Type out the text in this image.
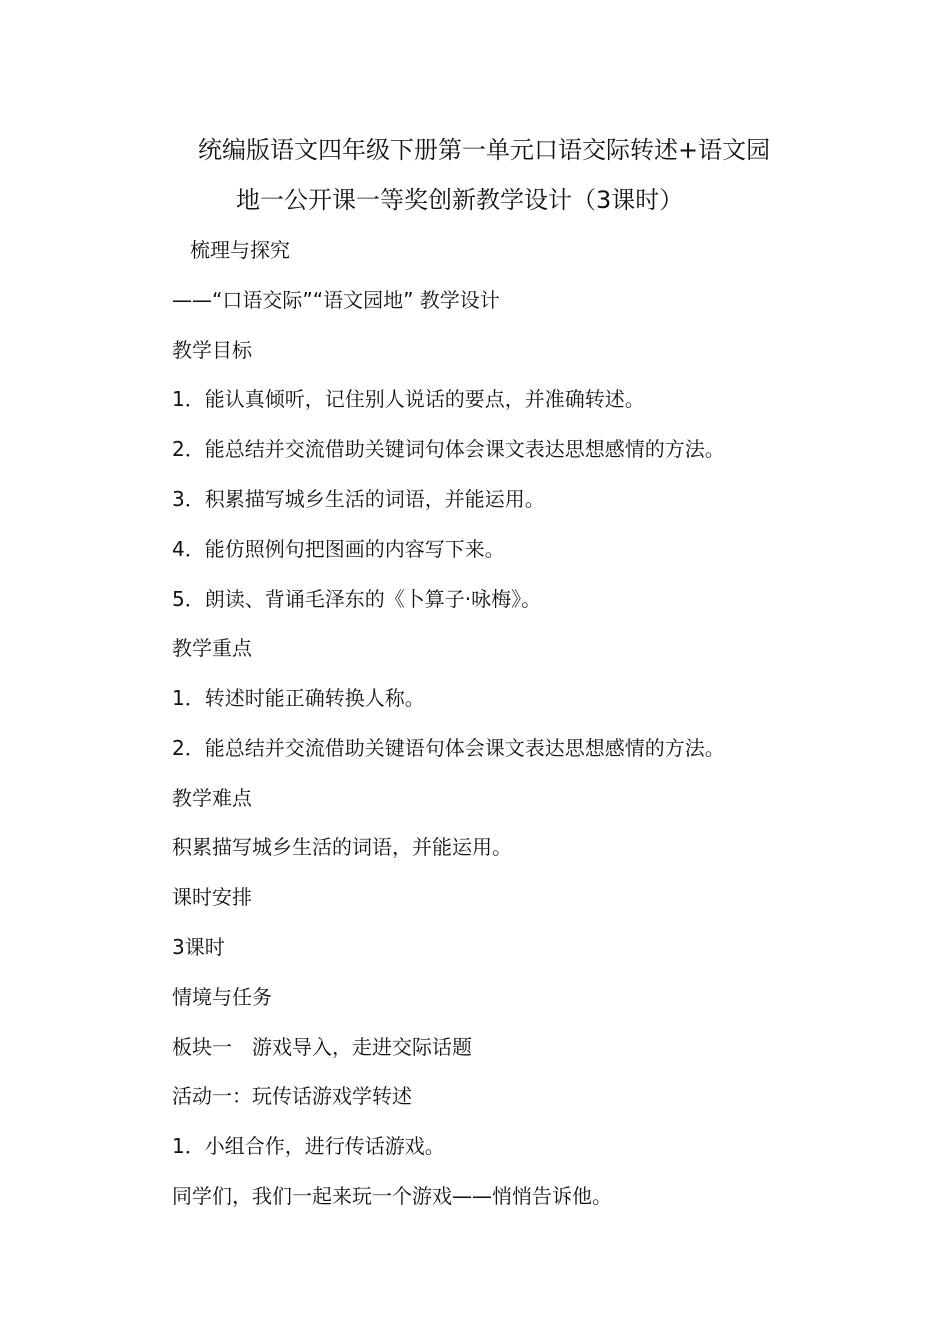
统编版语文四年级下册第一单元口语交际转述+语文园
地一公开课一等奖创新教学设计（3课时）
梳理与探究
——“口语交际”“语文园地” 教学设计
教学目标
1．能认真倾听，记住别人说话的要点，并准确转述。
2．能总结并交流借助关键词句体会课文表达思想感情的方法。
3．积累描写城乡生活的词语，并能运用。
4．能仿照例句把图画的内容写下来。
5．朗读、背诵毛泽东的《卜算子·咏梅》。
教学重点
1．转述时能正确转换人称。
2．能总结并交流借助关键语句体会课文表达思想感情的方法。
教学难点
积累描写城乡生活的词语，并能运用。
课时安排
3课时
情境与任务
板块一　游戏导入，走进交际话题
活动一：玩传话游戏学转述
1．小组合作，进行传话游戏。
同学们，我们一起来玩一个游戏——悄悄告诉他。
